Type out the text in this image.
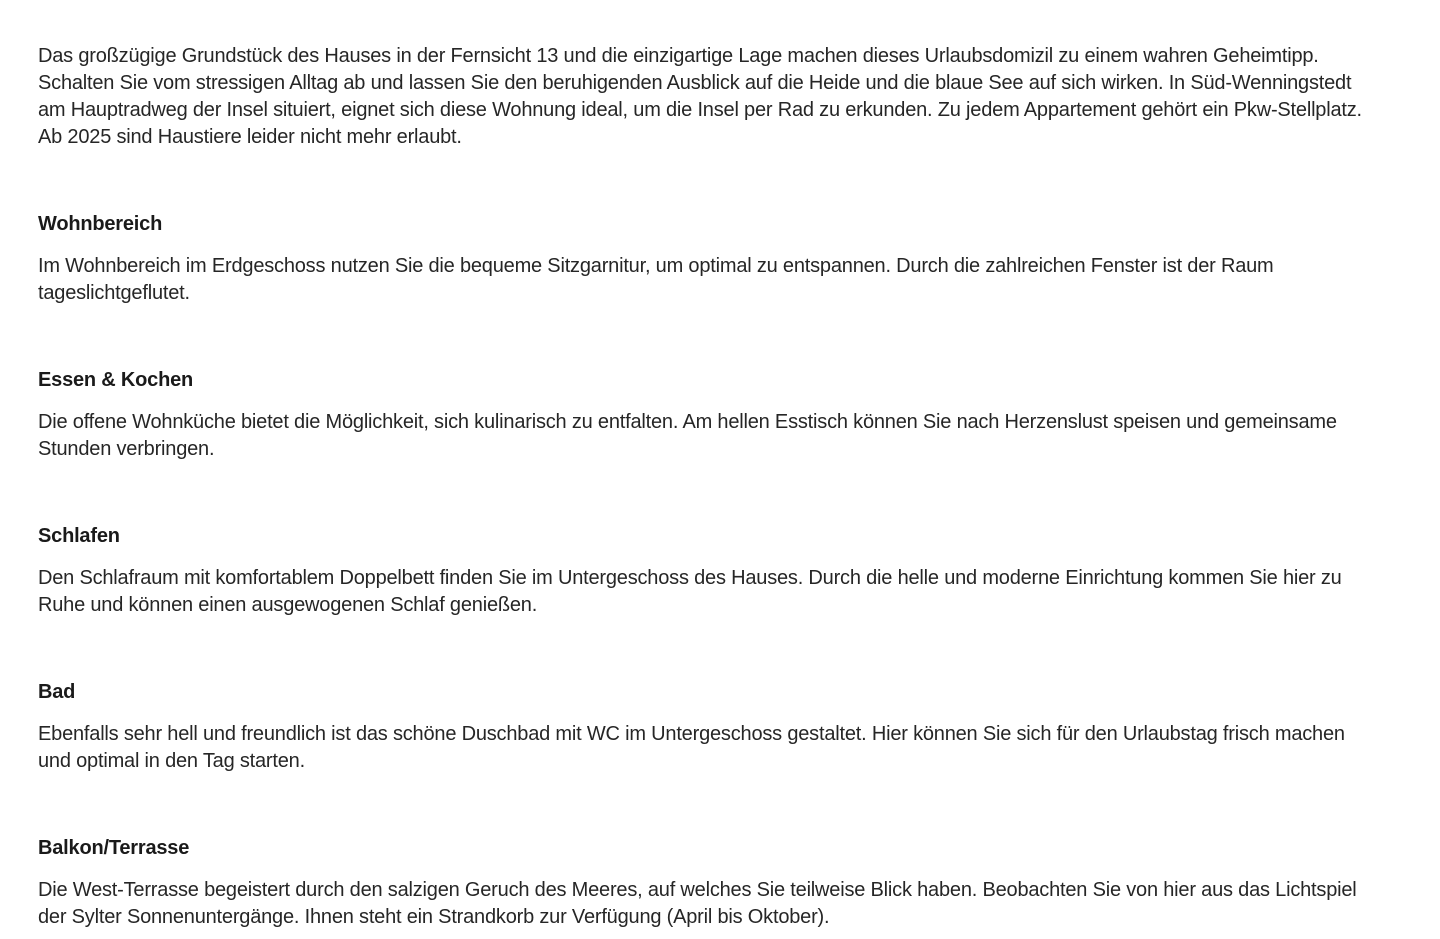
Das großzügige Grundstück des Hauses in der Fernsicht 13 und die einzigartige Lage machen dieses Urlaubsdomizil zu einem wahren Geheimtipp. Schalten Sie vom stressigen Alltag ab und lassen Sie den beruhigenden Ausblick auf die Heide und die blaue See auf sich wirken. In Süd-Wenningstedt am Hauptradweg der Insel situiert, eignet sich diese Wohnung ideal, um die Insel per Rad zu erkunden. Zu jedem Appartement gehört ein Pkw-Stellplatz. Ab 2025 sind Haustiere leider nicht mehr erlaubt.

Wohnbereich

Im Wohnbereich im Erdgeschoss nutzen Sie die bequeme Sitzgarnitur, um optimal zu entspannen. Durch die zahlreichen Fenster ist der Raum tageslichtgeflutet.

Essen & Kochen

Die offene Wohnküche bietet die Möglichkeit, sich kulinarisch zu entfalten. Am hellen Esstisch können Sie nach Herzenslust speisen und gemeinsame Stunden verbringen.

Schlafen

Den Schlafraum mit komfortablem Doppelbett finden Sie im Untergeschoss des Hauses. Durch die helle und moderne Einrichtung kommen Sie hier zu Ruhe und können einen ausgewogenen Schlaf genießen.

Bad

Ebenfalls sehr hell und freundlich ist das schöne Duschbad mit WC im Untergeschoss gestaltet. Hier können Sie sich für den Urlaubstag frisch machen und optimal in den Tag starten.

Balkon/Terrasse

Die West-Terrasse begeistert durch den salzigen Geruch des Meeres, auf welches Sie teilweise Blick haben. Beobachten Sie von hier aus das Lichtspiel der Sylter Sonnenuntergänge. Ihnen steht ein Strandkorb zur Verfügung (April bis Oktober).
